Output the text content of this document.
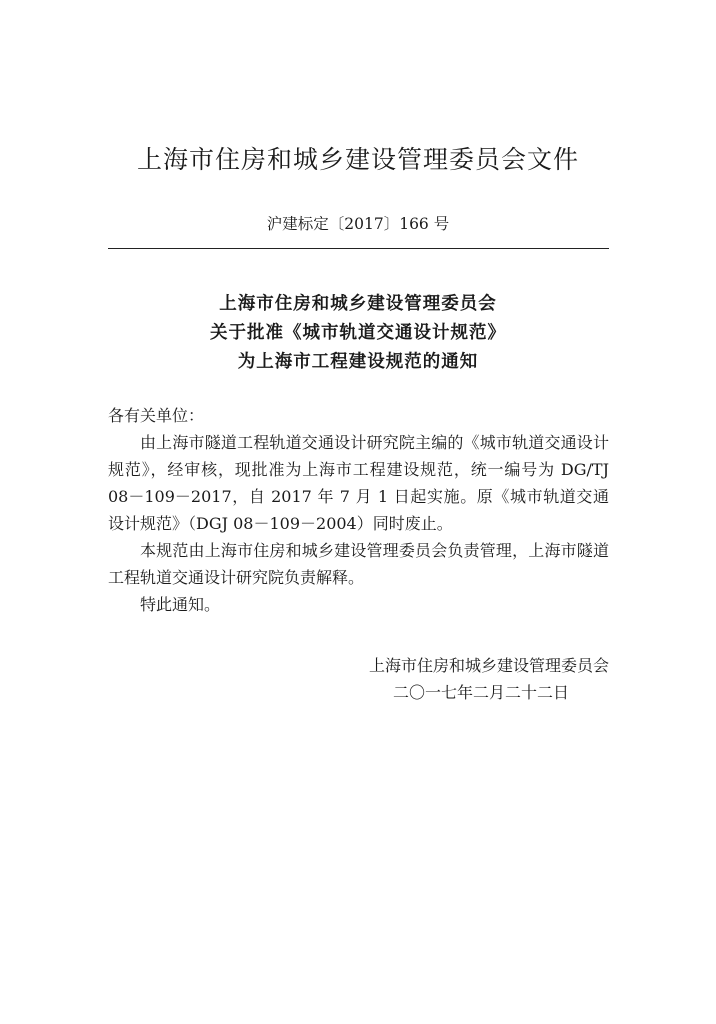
上海市住房和城乡建设管理委员会文件
沪建标定〔2017〕166 号
上海市住房和城乡建设管理委员会
关于批准《城市轨道交通设计规范》
为上海市工程建设规范的通知

各有关单位：

由上海市隧道工程轨道交通设计研究院主编的《城市轨道交通设计规范》，经审核，现批准为上海市工程建设规范，统一编号为 DG/TJ 08－109－2017，自 2017 年 7 月 1 日起实施。原《城市轨道交通设计规范》（DGJ 08－109－2004）同时废止。

本规范由上海市住房和城乡建设管理委员会负责管理，上海市隧道工程轨道交通设计研究院负责解释。

特此通知。

上海市住房和城乡建设管理委员会
二〇一七年二月二十二日
